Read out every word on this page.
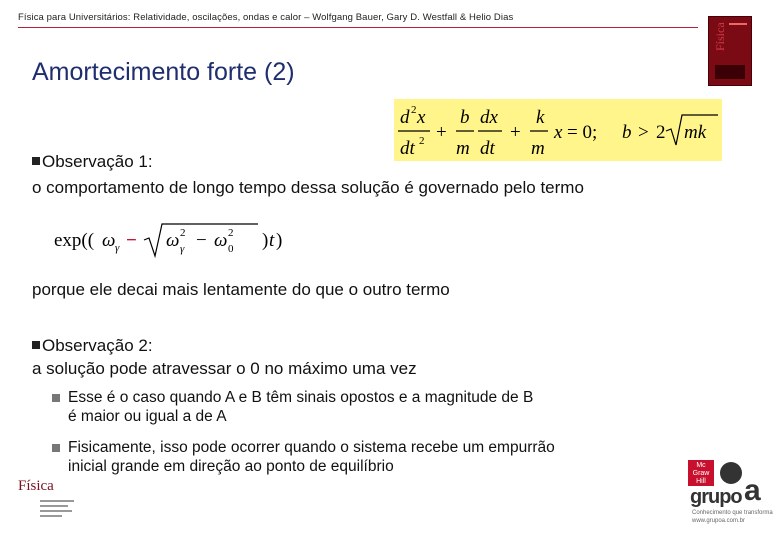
Física para Universitários: Relatividade, oscilações, ondas e calor – Wolfgang Bauer, Gary D. Westfall & Helio Dias
Física
Amortecimento forte (2)
d 2 x
dt 2 +
b
m
dx
dt
+
k
m
x = 0; b > 2 mk
Observação 1:
o comportamento de longo tempo dessa solução é governado pelo termo
exp(( ω γ − ω 2
γ − ω 2
0 ) t )
porque ele decai mais lentamente do que o outro termo
Observação 2:
a solução pode atravessar o 0 no máximo uma vez
Esse é o caso quando A e B têm sinais opostos e a magnitude de B
é maior ou igual a de A
Fisicamente, isso pode ocorrer quando o sistema recebe um empurrão
inicial grande em direção ao ponto de equilíbrio
Física
Mc Graw Hill
grupo a
Conhecimento que transforma
www.grupoa.com.br
